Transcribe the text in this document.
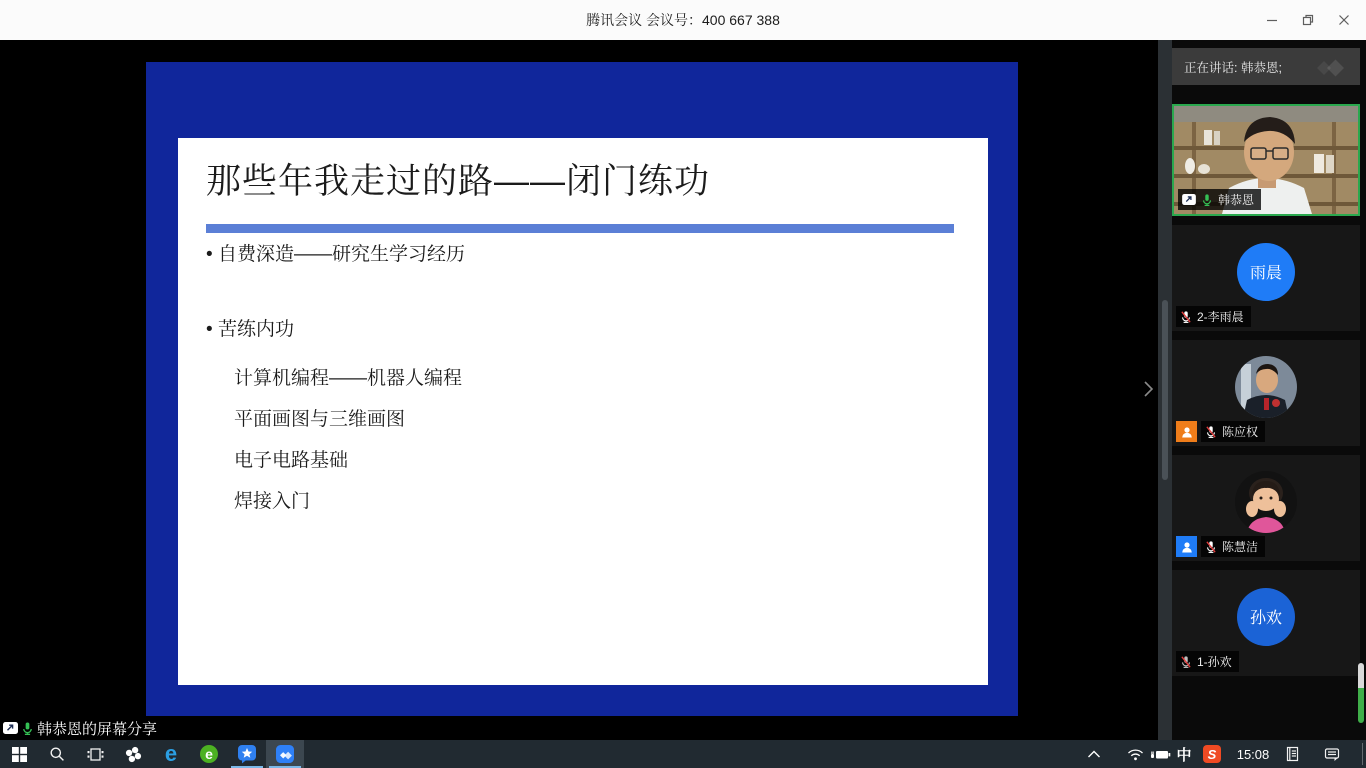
腾讯会议 会议号：400 667 388
那些年我走过的路——闭门练功
• 自费深造——研究生学习经历
• 苦练内功
计算机编程——机器人编程
平面画图与三维画图
电子电路基础
焊接入门
韩恭恩的屏幕分享
正在讲话: 韩恭恩;
韩恭恩
雨晨
2-李雨晨
陈应权
陈慧洁
孙欢
1-孙欢
e	e	中	S	15:08
